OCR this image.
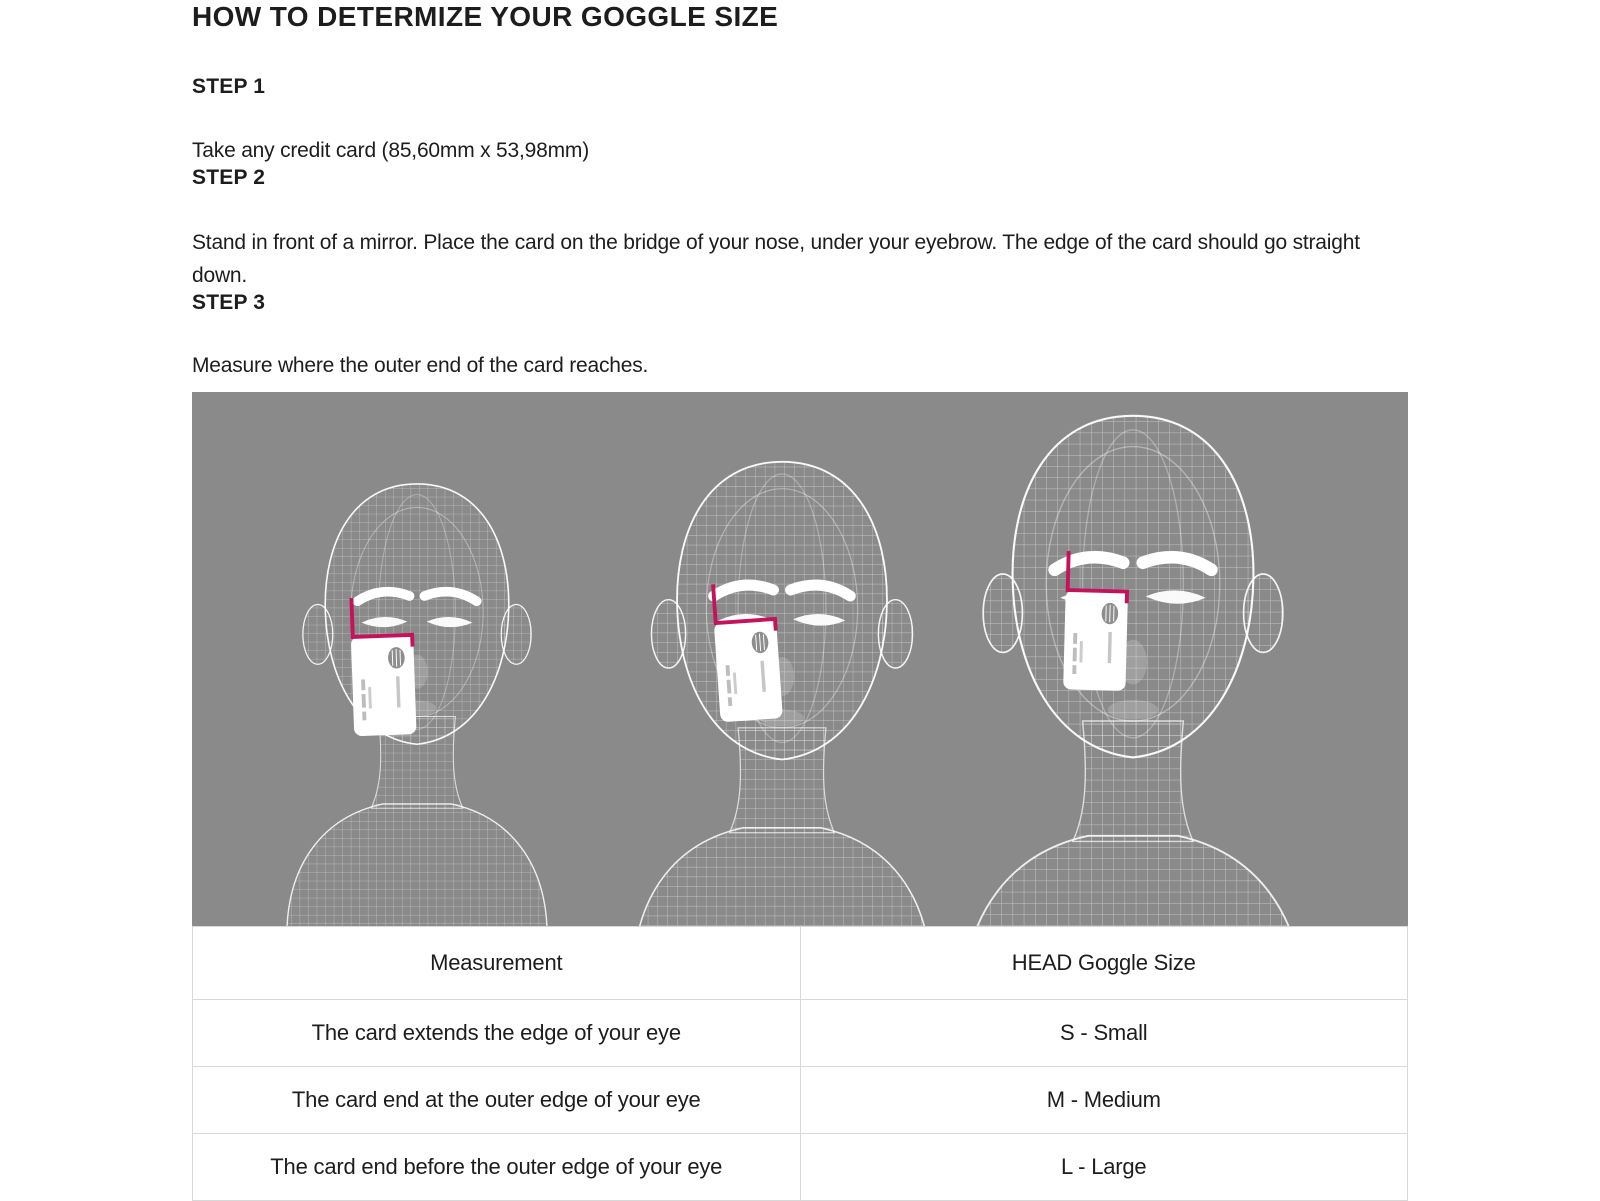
HOW TO DETERMIZE YOUR GOGGLE SIZE
STEP 1

Take any credit card (85,60mm x 53,98mm)

STEP 2

Stand in front of a mirror. Place the card on the bridge of your nose, under your eyebrow. The edge of the card should go straight down.

STEP 3

Measure where the outer end of the card reaches.

Measurement	HEAD Goggle Size
The card extends the edge of your eye	S - Small
The card end at the outer edge of your eye	M - Medium
The card end before the outer edge of your eye	L - Large
